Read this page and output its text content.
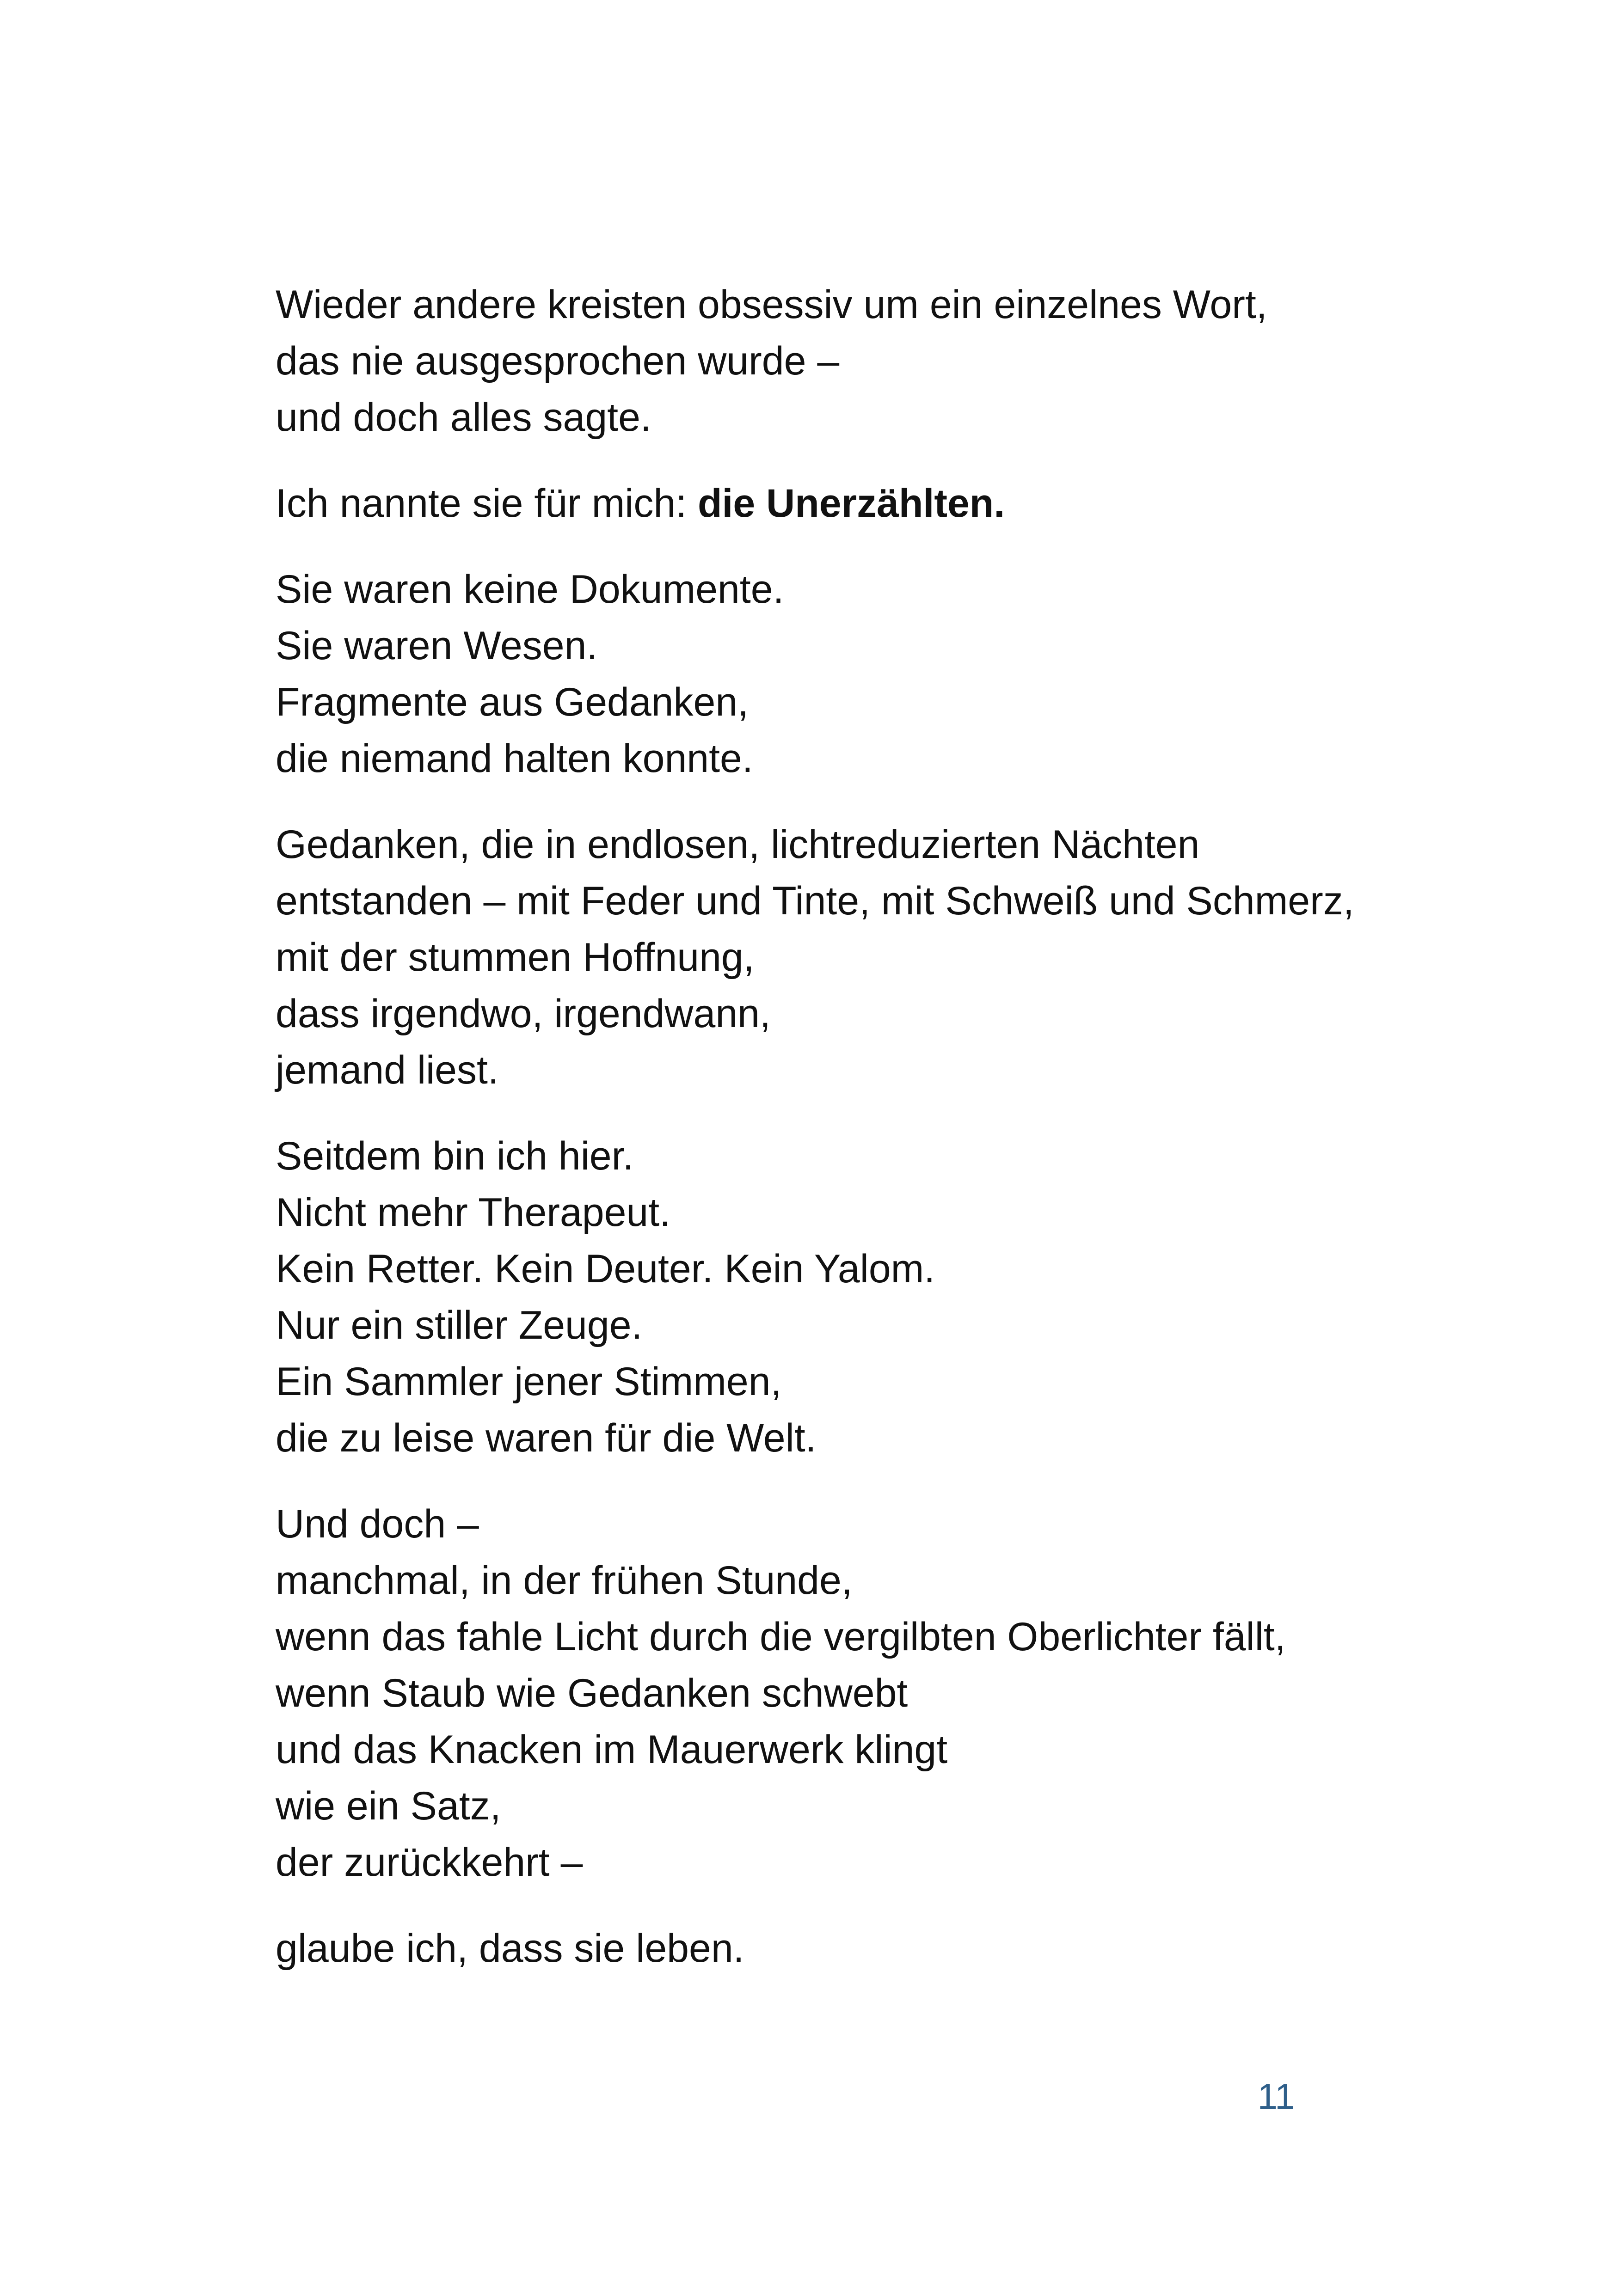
Wieder andere kreisten obsessiv um ein einzelnes Wort,
das nie ausgesprochen wurde –
und doch alles sagte.
Ich nannte sie für mich: die Unerzählten.
Sie waren keine Dokumente.
Sie waren Wesen.
Fragmente aus Gedanken,
die niemand halten konnte.
Gedanken, die in endlosen, lichtreduzierten Nächten
entstanden – mit Feder und Tinte, mit Schweiß und Schmerz,
mit der stummen Hoffnung,
dass irgendwo, irgendwann,
jemand liest.
Seitdem bin ich hier.
Nicht mehr Therapeut.
Kein Retter. Kein Deuter. Kein Yalom.
Nur ein stiller Zeuge.
Ein Sammler jener Stimmen,
die zu leise waren für die Welt.
Und doch –
manchmal, in der frühen Stunde,
wenn das fahle Licht durch die vergilbten Oberlichter fällt,
wenn Staub wie Gedanken schwebt
und das Knacken im Mauerwerk klingt
wie ein Satz,
der zurückkehrt –
glaube ich, dass sie leben.
11
